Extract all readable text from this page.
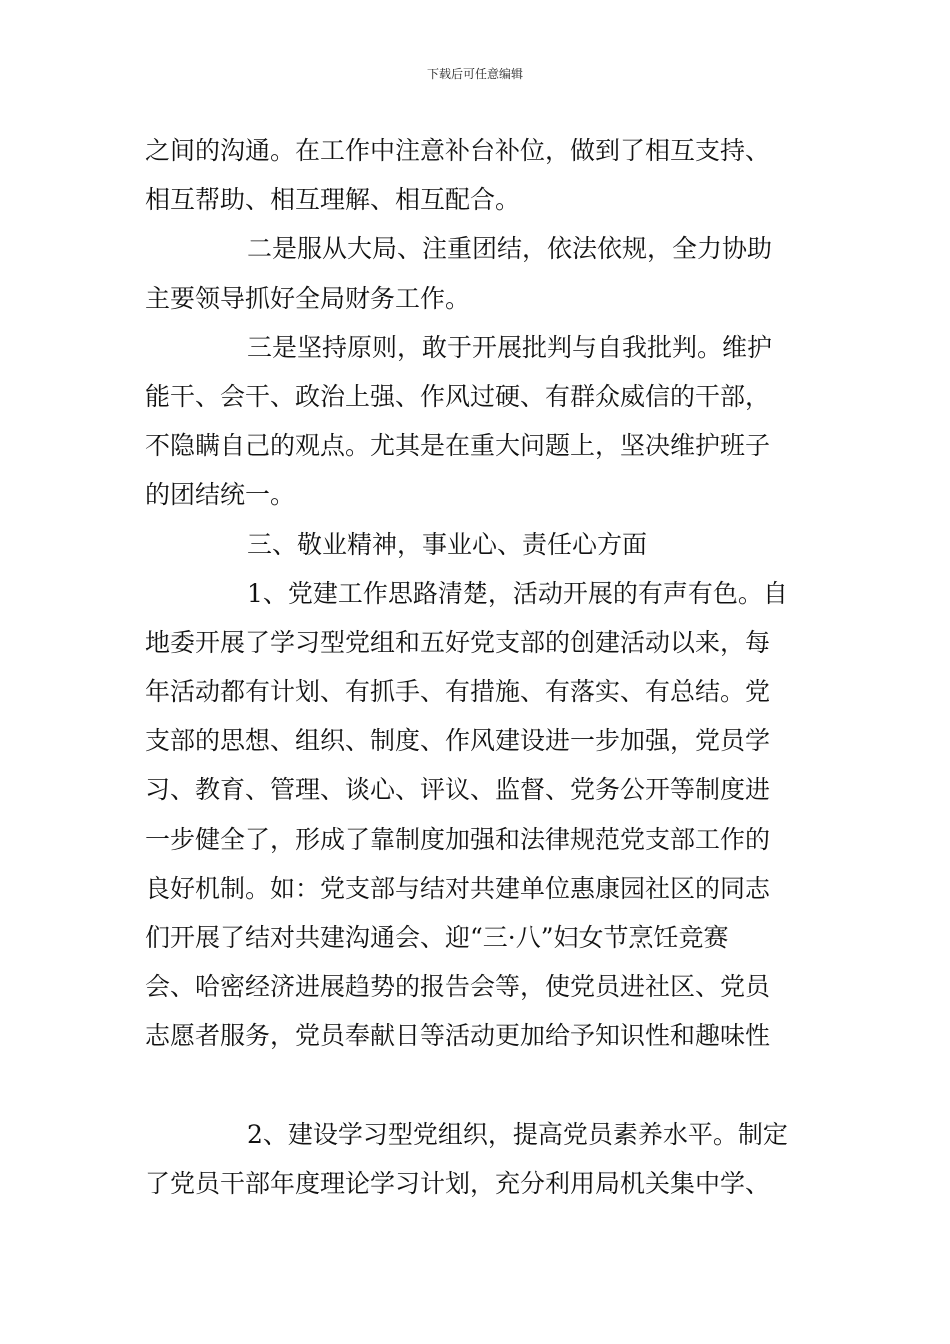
下载后可任意编辑
之间的沟通。在工作中注意补台补位，做到了相互支持、
相互帮助、相互理解、相互配合。
二是服从大局、注重团结，依法依规，全力协助
主要领导抓好全局财务工作。
三是坚持原则，敢于开展批判与自我批判。维护
能干、会干、政治上强、作风过硬、有群众威信的干部，
不隐瞒自己的观点。尤其是在重大问题上，坚决维护班子
的团结统一。
三、敬业精神，事业心、责任心方面
1、党建工作思路清楚，活动开展的有声有色。自
地委开展了学习型党组和五好党支部的创建活动以来，每
年活动都有计划、有抓手、有措施、有落实、有总结。党
支部的思想、组织、制度、作风建设进一步加强，党员学
习、教育、管理、谈心、评议、监督、党务公开等制度进
一步健全了，形成了靠制度加强和法律规范党支部工作的
良好机制。如：党支部与结对共建单位惠康园社区的同志
们开展了结对共建沟通会、迎“三·八”妇女节烹饪竞赛
会、哈密经济进展趋势的报告会等，使党员进社区、党员
志愿者服务，党员奉献日等活动更加给予知识性和趣味性
2、建设学习型党组织，提高党员素养水平。制定
了党员干部年度理论学习计划，充分利用局机关集中学、
